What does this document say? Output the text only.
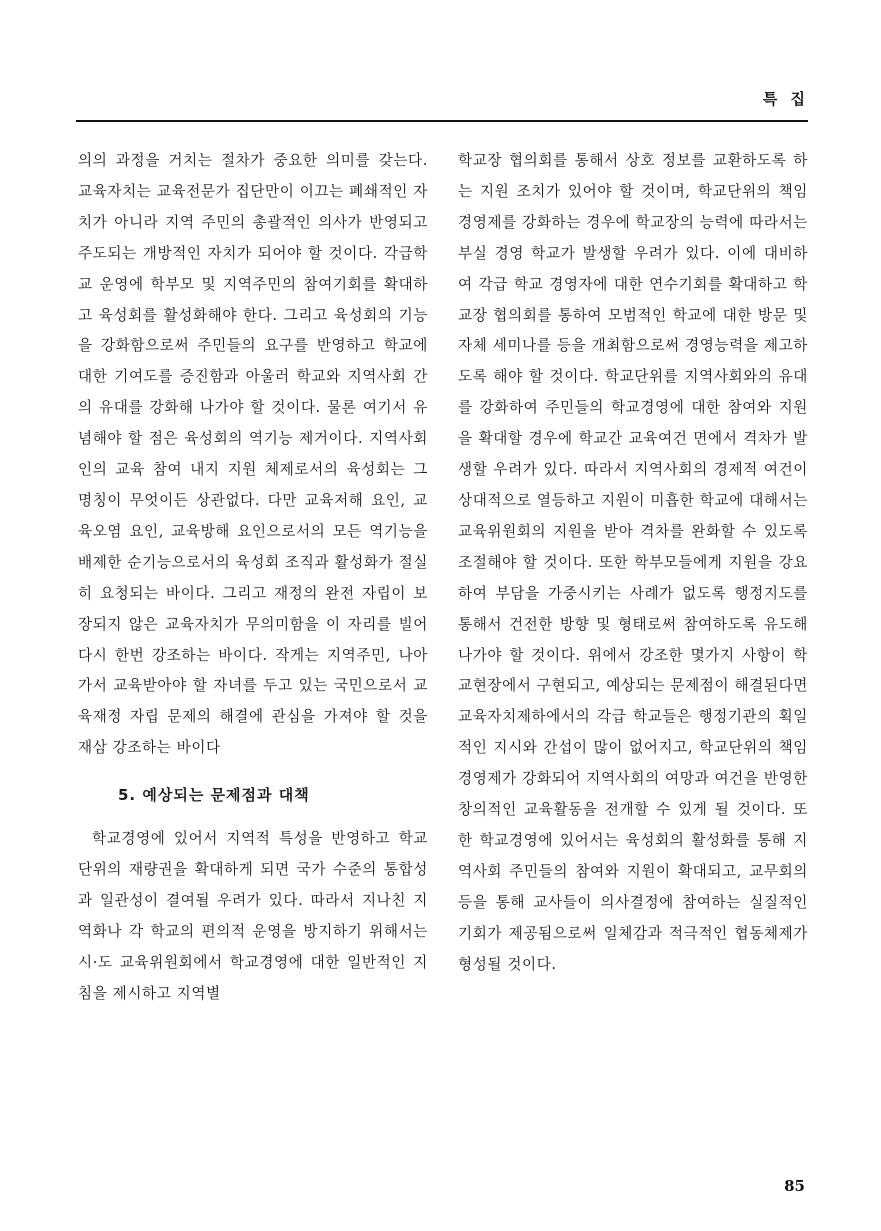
특 집

의의 과정을 거치는 절차가 중요한 의미를 갖는다. 교육자치는 교육전문가 집단만이 이끄는 폐쇄적인 자치가 아니라 지역 주민의 총괄적인 의사가 반영되고 주도되는 개방적인 자치가 되어야 할 것이다. 각급학교 운영에 학부모 및 지역주민의 참여기회를 확대하고 육성회를 활성화해야 한다. 그리고 육성회의 기능을 강화함으로써 주민들의 요구를 반영하고 학교에 대한 기여도를 증진함과 아울러 학교와 지역사회 간의 유대를 강화해 나가야 할 것이다. 물론 여기서 유념해야 할 점은 육성회의 역기능 제거이다. 지역사회인의 교육 참여 내지 지원 체제로서의 육성회는 그 명칭이 무엇이든 상관없다. 다만 교육저해 요인, 교육오염 요인, 교육방해 요인으로서의 모든 역기능을 배제한 순기능으로서의 육성회 조직과 활성화가 절실히 요청되는 바이다. 그리고 재정의 완전 자립이 보장되지 않은 교육자치가 무의미함을 이 자리를 빌어 다시 한번 강조하는 바이다. 작게는 지역주민, 나아가서 교육받아야 할 자녀를 두고 있는 국민으로서 교육재정 자립 문제의 해결에 관심을 가져야 할 것을 재삼 강조하는 바이다

5. 예상되는 문제점과 대책

학교경영에 있어서 지역적 특성을 반영하고 학교 단위의 재량권을 확대하게 되면 국가 수준의 통합성과 일관성이 결여될 우려가 있다. 따라서 지나친 지역화나 각 학교의 편의적 운영을 방지하기 위해서는 시·도 교육위원회에서 학교경영에 대한 일반적인 지침을 제시하고 지역별

학교장 협의회를 통해서 상호 정보를 교환하도록 하는 지원 조치가 있어야 할 것이며, 학교단위의 책임경영제를 강화하는 경우에 학교장의 능력에 따라서는 부실 경영 학교가 발생할 우려가 있다. 이에 대비하여 각급 학교 경영자에 대한 연수기회를 확대하고 학교장 협의회를 통하여 모범적인 학교에 대한 방문 및 자체 세미나를 등을 개최함으로써 경영능력을 제고하도록 해야 할 것이다. 학교단위를 지역사회와의 유대를 강화하여 주민들의 학교경영에 대한 참여와 지원을 확대할 경우에 학교간 교육여건 면에서 격차가 발생할 우려가 있다. 따라서 지역사회의 경제적 여건이 상대적으로 열등하고 지원이 미흡한 학교에 대해서는 교육위원회의 지원을 받아 격차를 완화할 수 있도록 조절해야 할 것이다. 또한 학부모들에게 지원을 강요하여 부담을 가중시키는 사례가 없도록 행정지도를 통해서 건전한 방향 및 형태로써 참여하도록 유도해 나가야 할 것이다. 위에서 강조한 몇가지 사항이 학교현장에서 구현되고, 예상되는 문제점이 해결된다면 교육자치제하에서의 각급 학교들은 행정기관의 획일적인 지시와 간섭이 많이 없어지고, 학교단위의 책임경영제가 강화되어 지역사회의 여망과 여건을 반영한 창의적인 교육활동을 전개할 수 있게 될 것이다. 또한 학교경영에 있어서는 육성회의 활성화를 통해 지역사회 주민들의 참여와 지원이 확대되고, 교무회의 등을 통해 교사들이 의사결정에 참여하는 실질적인 기회가 제공됨으로써 일체감과 적극적인 협동체제가 형성될 것이다.

85
